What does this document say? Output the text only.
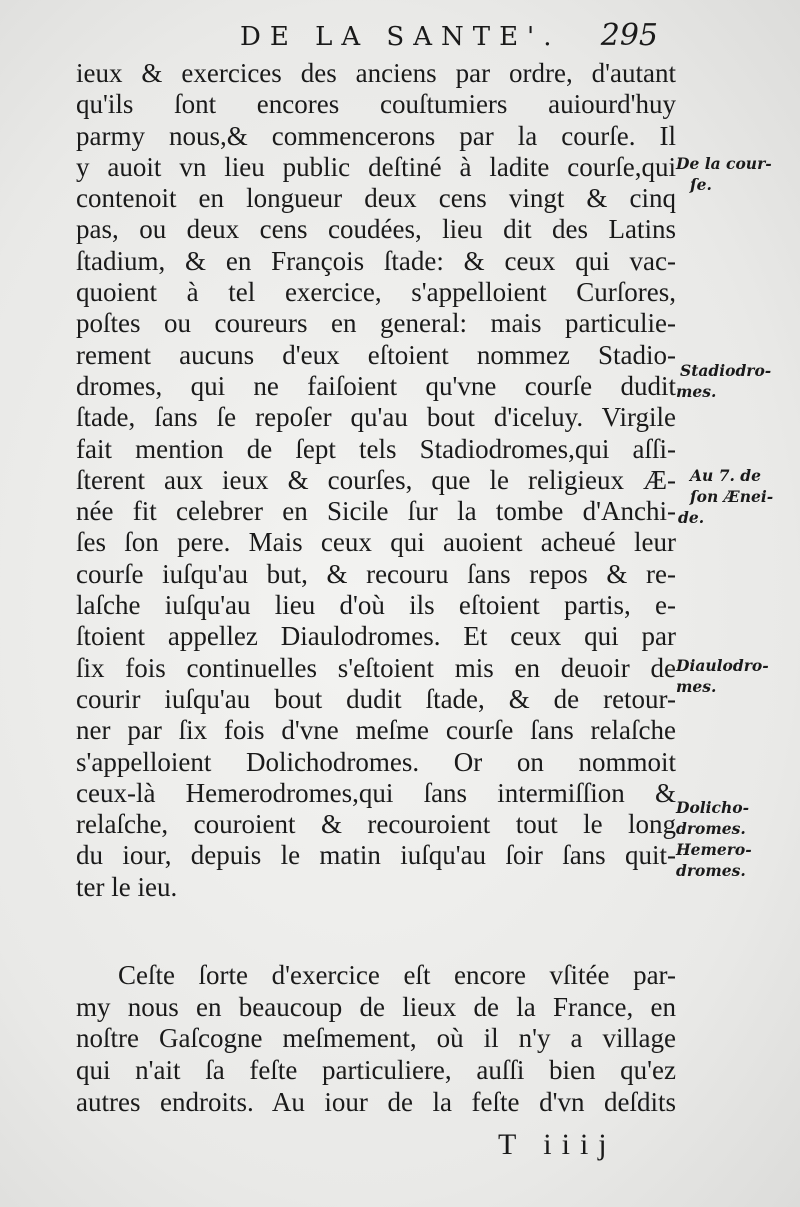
DE LA SANTE'. 295
ieux & exercices des anciens par ordre, d'autant
qu'ils ſont encores couſtumiers auiourd'huy
parmy nous,& commencerons par la courſe. Il
y auoit vn lieu public deſtiné à ladite courſe,qui
contenoit en longueur deux cens vingt & cinq
pas, ou deux cens coudées, lieu dit des Latins
ſtadium, & en François ſtade: & ceux qui vac-
quoient à tel exercice, s'appelloient Curſores,
poſtes ou coureurs en general: mais particulie-
rement aucuns d'eux eſtoient nommez Stadio-
dromes, qui ne faiſoient qu'vne courſe dudit
ſtade, ſans ſe repoſer qu'au bout d'iceluy. Virgile
fait mention de ſept tels Stadiodromes,qui aſſi-
ſterent aux ieux & courſes, que le religieux Æ-
née fit celebrer en Sicile ſur la tombe d'Anchi-
ſes ſon pere. Mais ceux qui auoient acheué leur
courſe iuſqu'au but, & recouru ſans repos & re-
laſche iuſqu'au lieu d'où ils eſtoient partis, e-
ſtoient appellez Diaulodromes. Et ceux qui par
ſix fois continuelles s'eſtoient mis en deuoir de
courir iuſqu'au bout dudit ſtade, & de retour-
ner par ſix fois d'vne meſme courſe ſans relaſche
s'appelloient Dolichodromes. Or on nommoit
ceux-là Hemerodromes,qui ſans intermiſſion &
relaſche, couroient & recouroient tout le long
du iour, depuis le matin iuſqu'au ſoir ſans quit-
ter le ieu.
Ceſte ſorte d'exercice eſt encore vſitée par-
my nous en beaucoup de lieux de la France, en
noſtre Gaſcogne meſmement, où il n'y a village
qui n'ait ſa feſte particuliere, auſſi bien qu'ez
autres endroits. Au iour de la feſte d'vn deſdits
De la cour-
ſe.
Stadiodro-
mes.
Au 7. de
ſon Ænei-
de.
Diaulodro-
mes.
Dolicho-
dromes.
Hemero-
dromes.
T iiij
